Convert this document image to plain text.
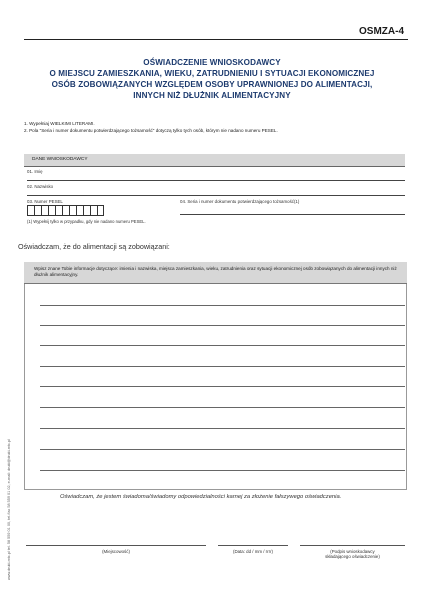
OSMZA-4
OŚWIADCZENIE WNIOSKODAWCY
O MIEJSCU ZAMIESZKANIA, WIEKU, ZATRUDNIENIU I SYTUACJI EKONOMICZNEJ
OSÓB ZOBOWIĄZANYCH WZGLĘDEM OSOBY UPRAWNIONEJ DO ALIMENTACJI,
INNYCH NIŻ DŁUŻNIK ALIMENTACYJNY
1. Wypełniaj WIELKIMI LITERAMI.
2. Pola "Seria i numer dokumentu potwierdzającego tożsamość" dotyczą tylko tych osób, którym nie nadano numeru PESEL.
DANE WNIOSKODAWCY
01. Imię
02. Nazwisko
03. Numer PESEL	04. Seria i numer dokumentu potwierdzającego tożsamość(1)
(1) Wypełnij tylko w przypadku, gdy nie nadano numeru PESEL.
Oświadczam, że do alimentacji są zobowiązani:
Wpisz znane Tobie informacje dotyczące: imienia i nazwiska, miejsca zamieszkania, wieku, zatrudnienia oraz sytuacji ekonomicznej osób zobowiązanych do alimentacji innych niż dłużnik alimentacyjny.
Oświadczam, że jestem świadoma/świadomy odpowiedzialności karnej za złożenie fałszywego oświadczenia.
(Miejscowość)	(Data: dd / mm / rrrr)	(Podpis wnioskodawcy
składającego oświadczenie)
www.druki-mtx.pl tel. 58 559 01 00, tel./fax 58 559 01 02, e-mail: druki@druki-mtx.pl
